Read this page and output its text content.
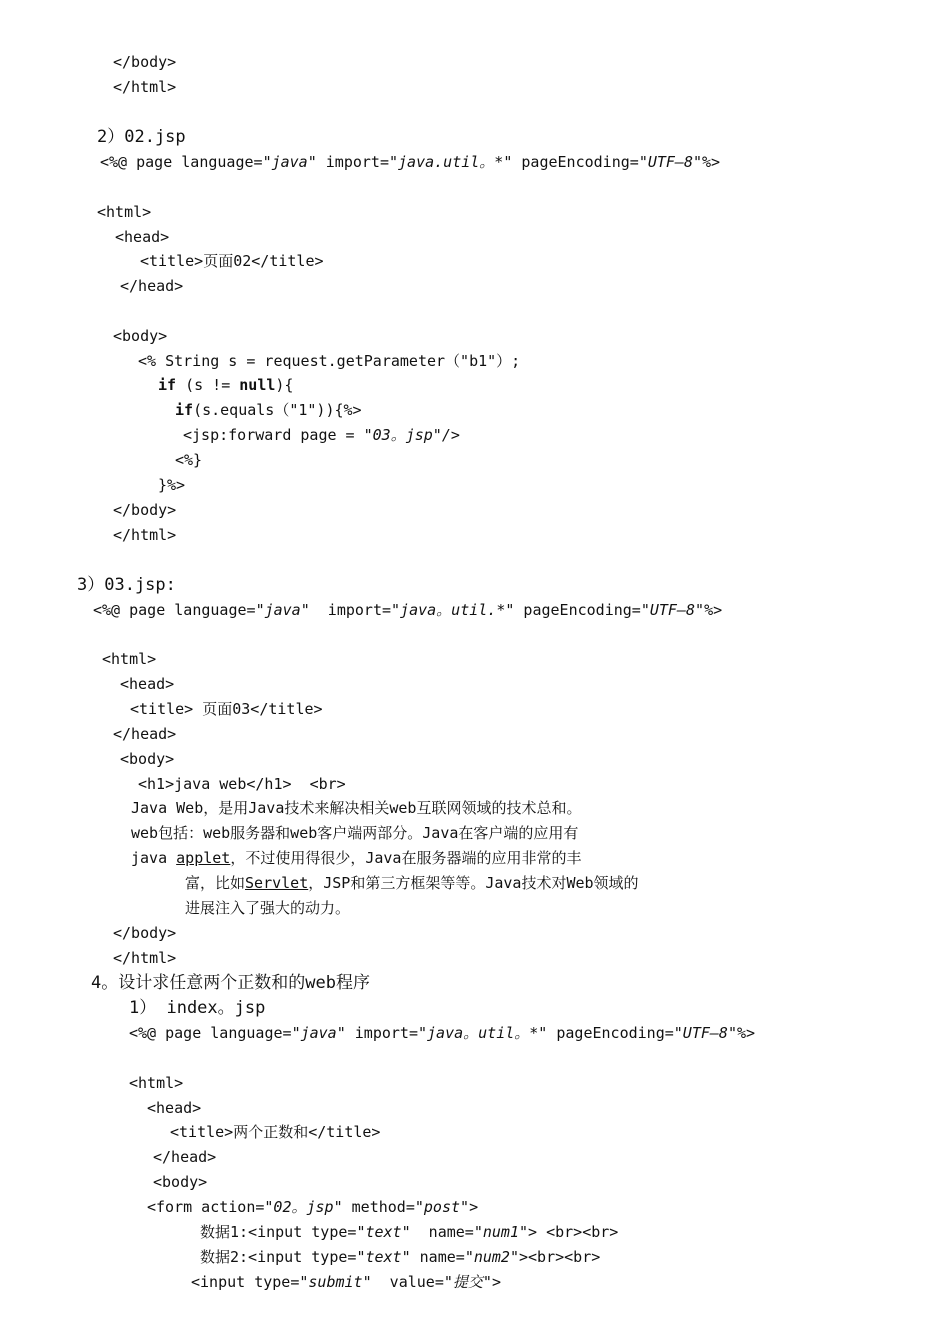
</body>
</html>
2）02.jsp
<%@ page language="java" import="java.util。*" pageEncoding="UTF—8"%>
<html>
<head>
<title>页面02</title>
</head>
<body>
<% String s = request.getParameter（"b1"）;
if (s != null){
if(s.equals（"1")){%>
<jsp:forward page = "03。jsp"/>
<%}
}%>
</body>
</html>
3）03.jsp:
<%@ page language="java"  import="java。util.*" pageEncoding="UTF—8"%>
<html>
<head>
<title> 页面03</title>
</head>
<body>
<h1>java web</h1>  <br>
Java Web，是用Java技术来解决相关web互联网领域的技术总和。
web包括：web服务器和web客户端两部分。Java在客户端的应用有
java applet，不过使用得很少，Java在服务器端的应用非常的丰
富，比如Servlet，JSP和第三方框架等等。Java技术对Web领域的
进展注入了强大的动力。
</body>
</html>
4。设计求任意两个正数和的web程序
1） index。jsp
<%@ page language="java" import="java。util。*" pageEncoding="UTF—8"%>
<html>
<head>
<title>两个正数和</title>
</head>
<body>
<form action="02。jsp" method="post">
数据1:<input type="text"  name="num1"> <br><br>
数据2:<input type="text" name="num2"><br><br>
<input type="submit"  value="提交">
